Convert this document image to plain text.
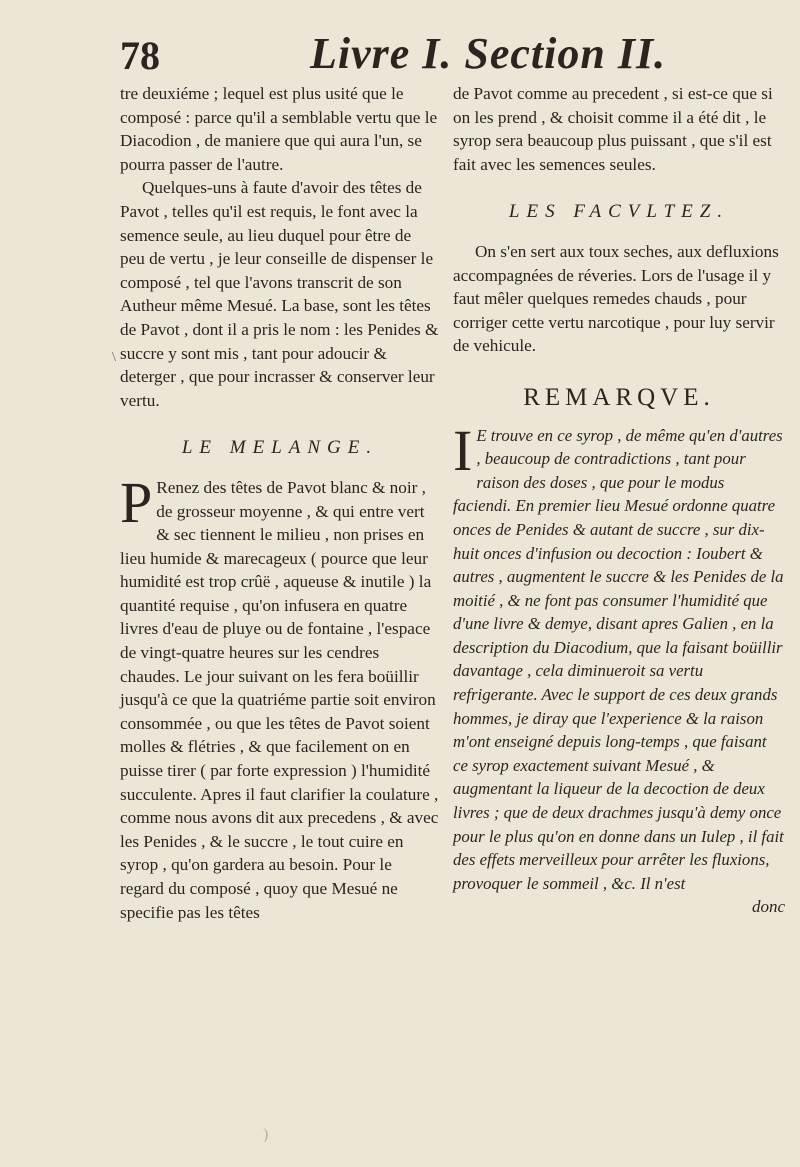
78	Livre I. Section II.
\

tre deuxiéme ; lequel est plus usité que le composé : parce qu'il a semblable vertu que le Diacodion , de maniere que qui aura l'un, se pourra passer de l'autre.

Quelques-uns à faute d'avoir des têtes de Pavot , telles qu'il est requis, le font avec la semence seule, au lieu duquel pour être de peu de vertu , je leur conseille de dispenser le composé , tel que l'avons transcrit de son Autheur même Mesué. La base, sont les têtes de Pavot , dont il a pris le nom : les Penides & succre y sont mis , tant pour adoucir & deterger , que pour incrasser & conserver leur vertu.

LE MELANGE.

P Renez des têtes de Pavot blanc & noir , de grosseur moyenne , & qui entre vert & sec tiennent le milieu , non prises en lieu humide & marecageux ( pource que leur humidité est trop crûë , aqueuse & inutile ) la quantité requise , qu'on infusera en quatre livres d'eau de pluye ou de fontaine , l'espace de vingt-quatre heures sur les cendres chaudes. Le jour suivant on les fera boüillir jusqu'à ce que la quatriéme partie soit environ consommée , ou que les têtes de Pavot soient molles & flétries , & que facilement on en puisse tirer ( par forte expression ) l'humidité succulente. Apres il faut clarifier la coulature , comme nous avons dit aux precedens , & avec les Penides , & le succre , le tout cuire en syrop , qu'on gardera au besoin. Pour le regard du composé , quoy que Mesué ne specifie pas les têtes

de Pavot comme au precedent , si est-ce que si on les prend , & choisit comme il a été dit , le syrop sera beaucoup plus puissant , que s'il est fait avec les semences seules.

LES FACVLTEZ.

On s'en sert aux toux seches, aux defluxions accompagnées de réveries. Lors de l'usage il y faut mêler quelques remedes chauds , pour corriger cette vertu narcotique , pour luy servir de vehicule.

REMARQVE.

I E trouve en ce syrop , de même qu'en d'autres , beaucoup de contradictions , tant pour raison des doses , que pour le modus faciendi. En premier lieu Mesué ordonne quatre onces de Penides & autant de succre , sur dix-huit onces d'infusion ou decoction : Ioubert & autres , augmentent le succre & les Penides de la moitié , & ne font pas consumer l'humidité que d'une livre & demye, disant apres Galien , en la description du Diacodium, que la faisant boüillir davantage , cela diminueroit sa vertu refrigerante. Avec le support de ces deux grands hommes, je diray que l'experience & la raison m'ont enseigné depuis long-temps , que faisant ce syrop exactement suivant Mesué , & augmentant la liqueur de la decoction de deux livres ; que de deux drachmes jusqu'à demy once pour le plus qu'on en donne dans un Iulep , il fait des effets merveilleux pour arrêter les fluxions, provoquer le sommeil , &c. Il n'est

donc
)
